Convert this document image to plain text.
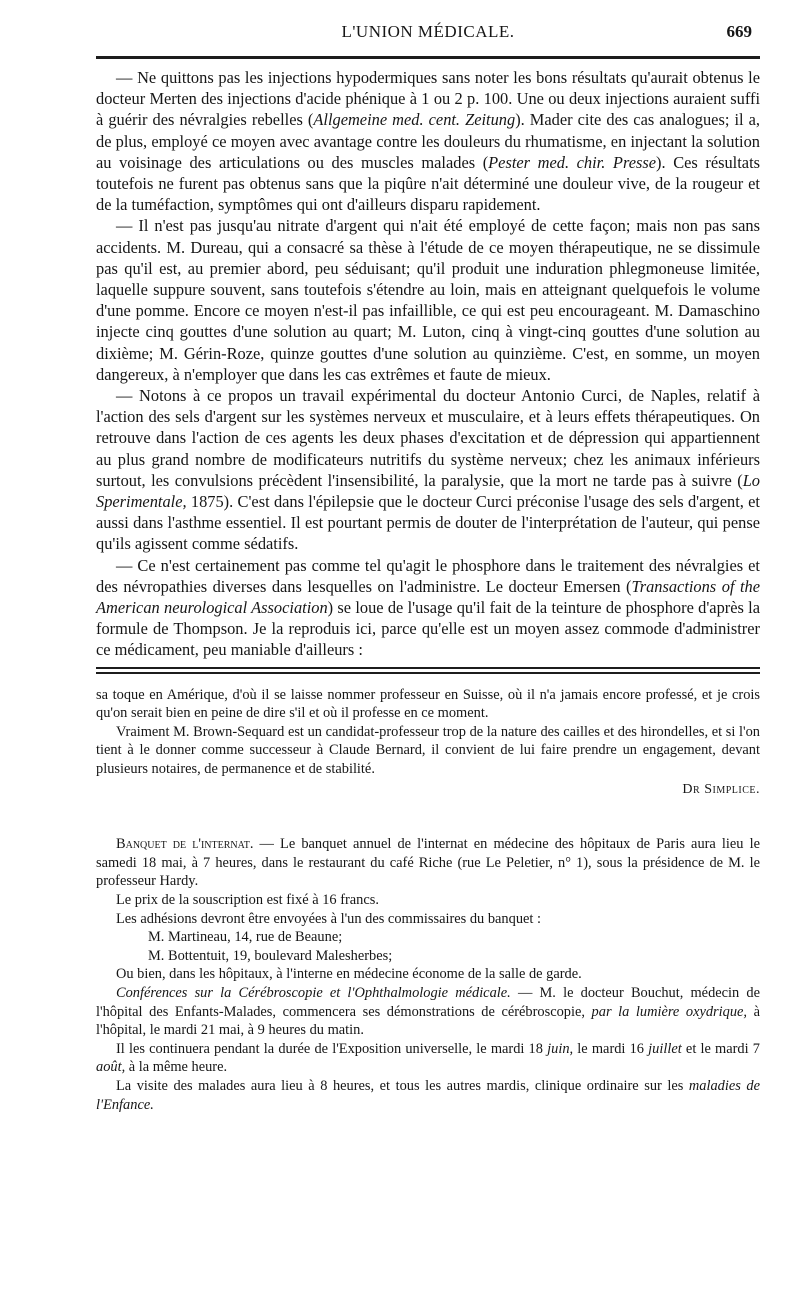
L'UNION MÉDICALE.	669

— Ne quittons pas les injections hypodermiques sans noter les bons résultats qu'aurait obtenus le docteur Merten des injections d'acide phénique à 1 ou 2 p. 100. Une ou deux injections auraient suffi à guérir des névralgies rebelles (Allgemeine med. cent. Zeitung). Mader cite des cas analogues; il a, de plus, employé ce moyen avec avantage contre les douleurs du rhumatisme, en injectant la solution au voisinage des articulations ou des muscles malades (Pester med. chir. Presse). Ces résultats toutefois ne furent pas obtenus sans que la piqûre n'ait déterminé une douleur vive, de la rougeur et de la tuméfaction, symptômes qui ont d'ailleurs disparu rapidement.

— Il n'est pas jusqu'au nitrate d'argent qui n'ait été employé de cette façon; mais non pas sans accidents. M. Dureau, qui a consacré sa thèse à l'étude de ce moyen thérapeutique, ne se dissimule pas qu'il est, au premier abord, peu séduisant; qu'il produit une induration phlegmoneuse limitée, laquelle suppure souvent, sans toutefois s'étendre au loin, mais en atteignant quelquefois le volume d'une pomme. Encore ce moyen n'est-il pas infaillible, ce qui est peu encourageant. M. Damaschino injecte cinq gouttes d'une solution au quart; M. Luton, cinq à vingt-cinq gouttes d'une solution au dixième; M. Gérin-Roze, quinze gouttes d'une solution au quinzième. C'est, en somme, un moyen dangereux, à n'employer que dans les cas extrêmes et faute de mieux.

— Notons à ce propos un travail expérimental du docteur Antonio Curci, de Naples, relatif à l'action des sels d'argent sur les systèmes nerveux et musculaire, et à leurs effets thérapeutiques. On retrouve dans l'action de ces agents les deux phases d'excitation et de dépression qui appartiennent au plus grand nombre de modificateurs nutritifs du système nerveux; chez les animaux inférieurs surtout, les convulsions précèdent l'insensibilité, la paralysie, que la mort ne tarde pas à suivre (Lo Sperimentale, 1875). C'est dans l'épilepsie que le docteur Curci préconise l'usage des sels d'argent, et aussi dans l'asthme essentiel. Il est pourtant permis de douter de l'interprétation de l'auteur, qui pense qu'ils agissent comme sédatifs.

— Ce n'est certainement pas comme tel qu'agit le phosphore dans le traitement des névralgies et des névropathies diverses dans lesquelles on l'administre. Le docteur Emersen (Transactions of the American neurological Association) se loue de l'usage qu'il fait de la teinture de phosphore d'après la formule de Thompson. Je la reproduis ici, parce qu'elle est un moyen assez commode d'administrer ce médicament, peu maniable d'ailleurs :

sa toque en Amérique, d'où il se laisse nommer professeur en Suisse, où il n'a jamais encore professé, et je crois qu'on serait bien en peine de dire s'il et où il professe en ce moment.

Vraiment M. Brown-Sequard est un candidat-professeur trop de la nature des cailles et des hirondelles, et si l'on tient à le donner comme successeur à Claude Bernard, il convient de lui faire prendre un engagement, devant plusieurs notaires, de permanence et de stabilité.

Dr Simplice.

Banquet de l'internat. — Le banquet annuel de l'internat en médecine des hôpitaux de Paris aura lieu le samedi 18 mai, à 7 heures, dans le restaurant du café Riche (rue Le Peletier, n° 1), sous la présidence de M. le professeur Hardy.

Le prix de la souscription est fixé à 16 francs.

Les adhésions devront être envoyées à l'un des commissaires du banquet :

M. Martineau, 14, rue de Beaune;

M. Bottentuit, 19, boulevard Malesherbes;

Ou bien, dans les hôpitaux, à l'interne en médecine économe de la salle de garde.

Conférences sur la Cérébroscopie et l'Ophthalmologie médicale. — M. le docteur Bouchut, médecin de l'hôpital des Enfants-Malades, commencera ses démonstrations de cérébroscopie, par la lumière oxydrique, à l'hôpital, le mardi 21 mai, à 9 heures du matin.

Il les continuera pendant la durée de l'Exposition universelle, le mardi 18 juin, le mardi 16 juillet et le mardi 7 août, à la même heure.

La visite des malades aura lieu à 8 heures, et tous les autres mardis, clinique ordinaire sur les maladies de l'Enfance.
